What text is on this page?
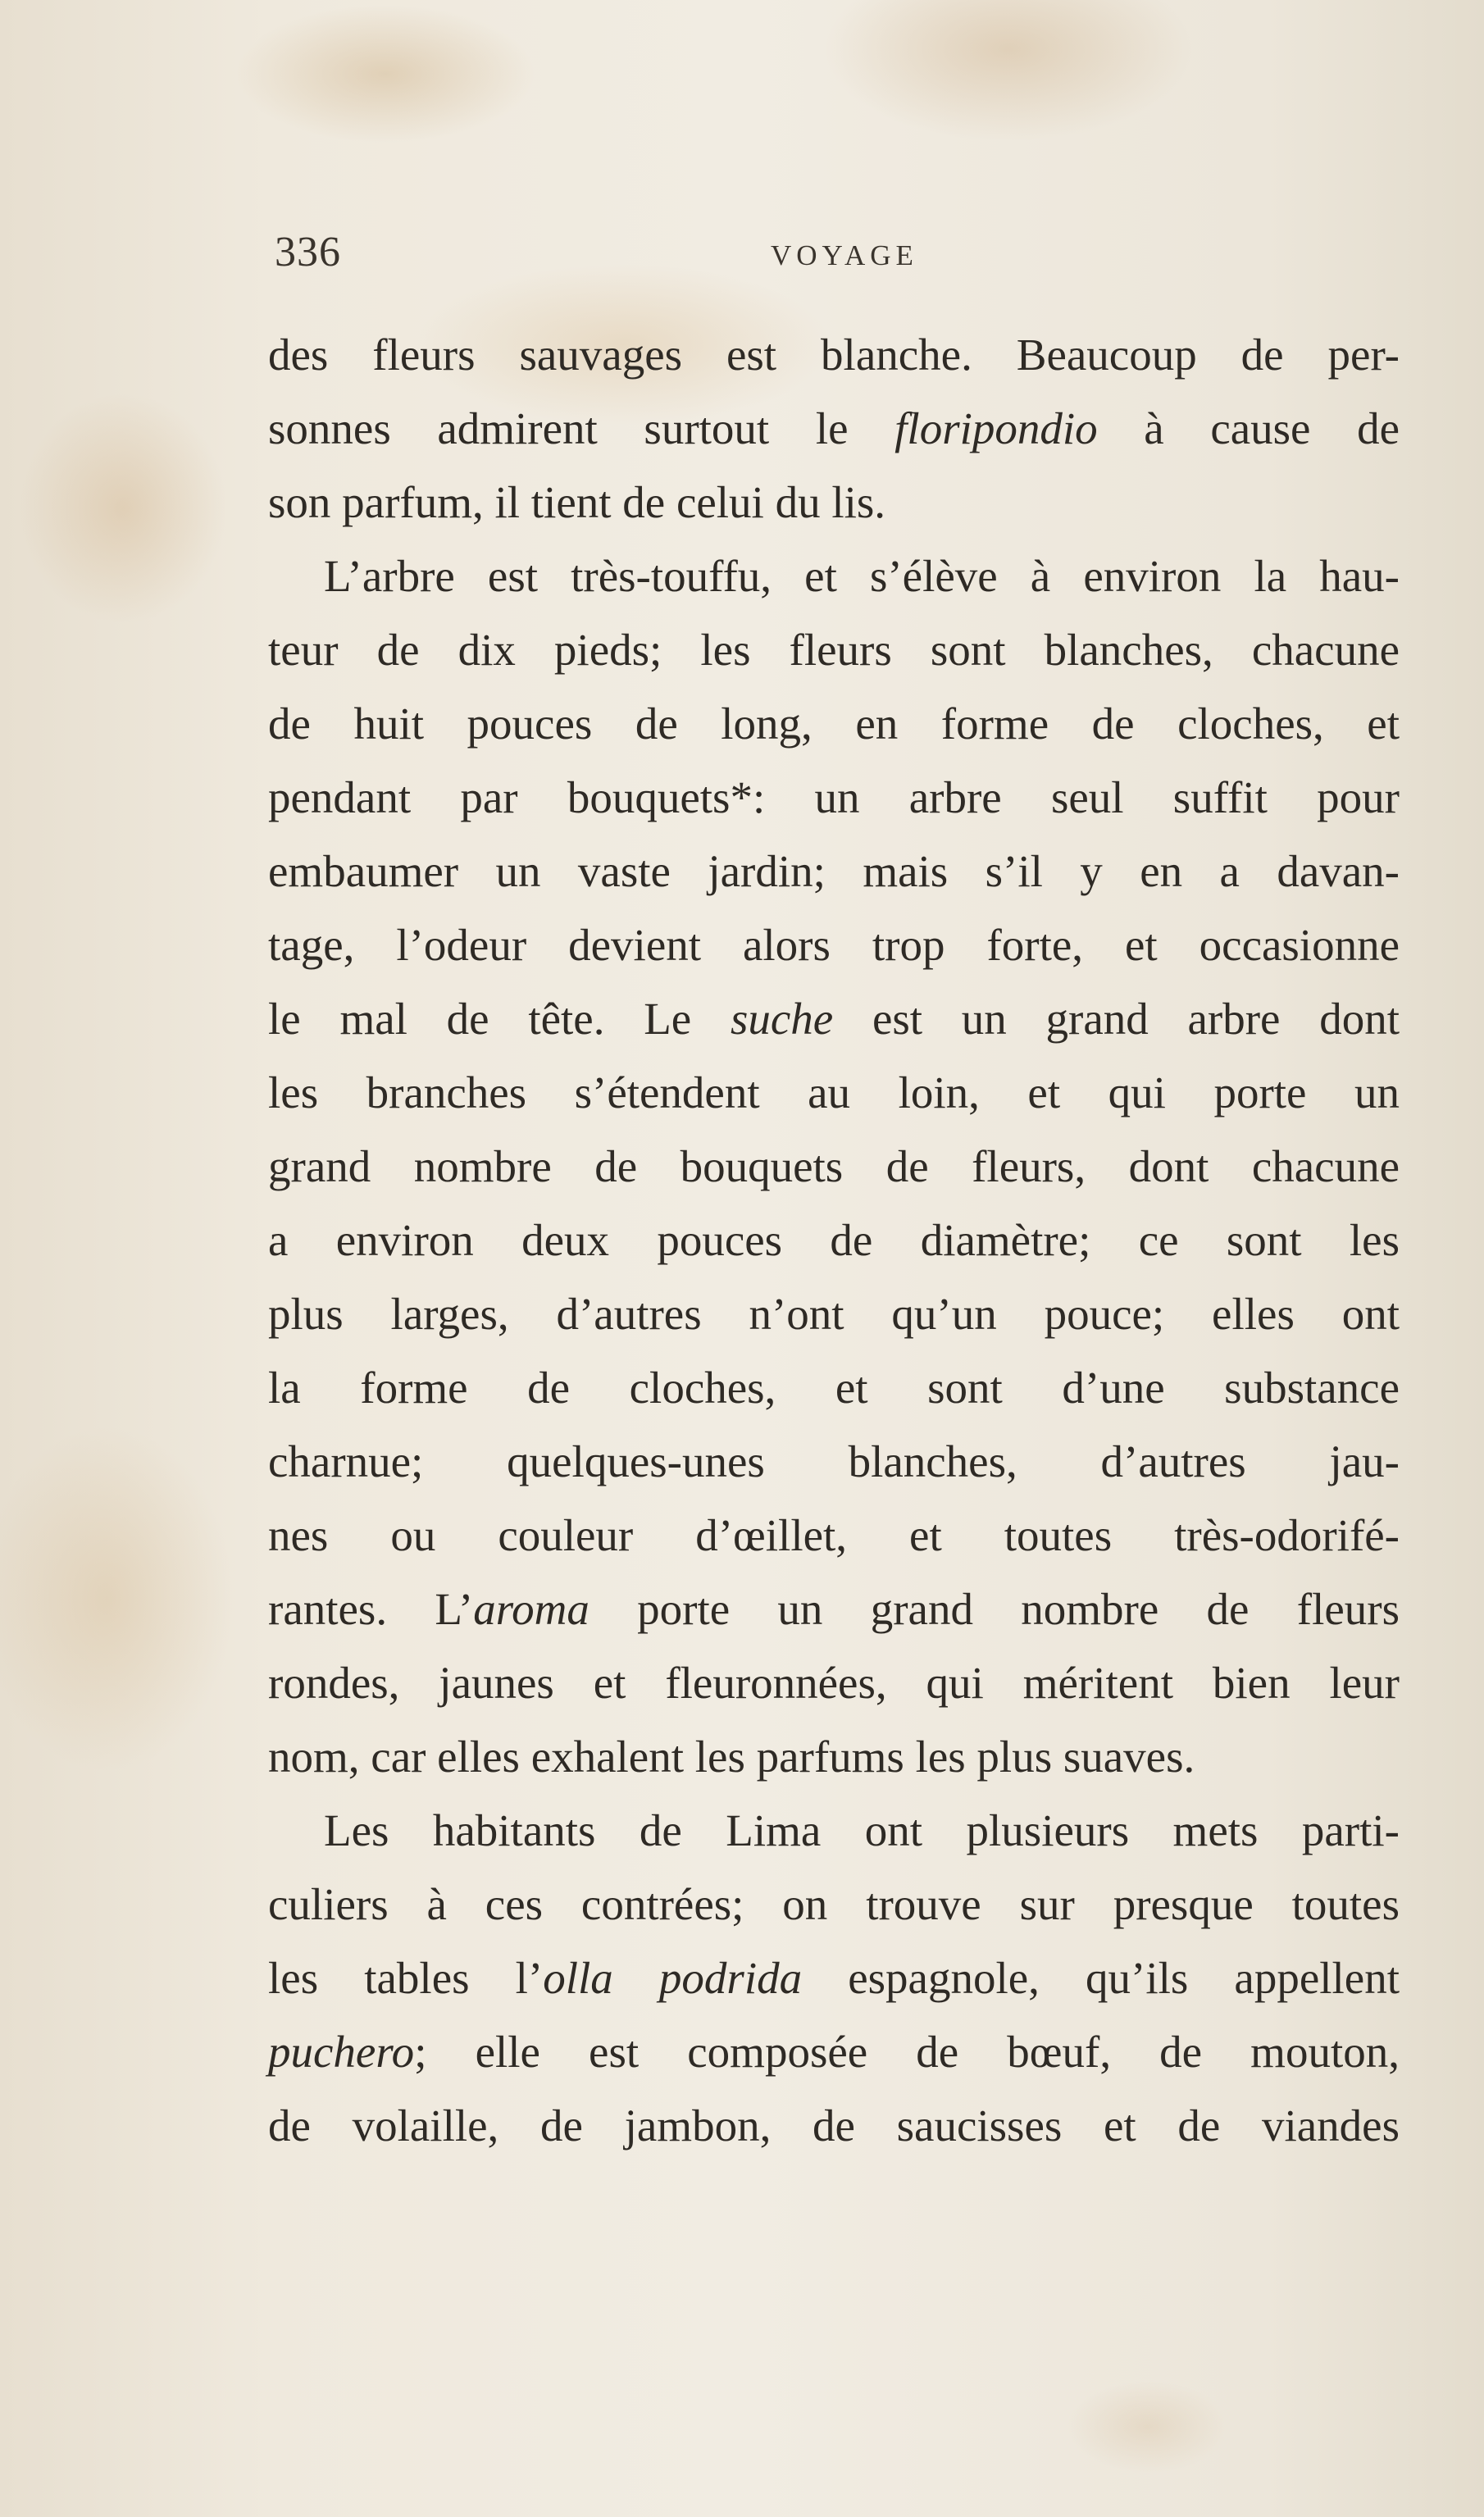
336	VOYAGE
des fleurs sauvages est blanche. Beaucoup de per-
sonnes admirent surtout le floripondio à cause de
son parfum, il tient de celui du lis.
L’arbre est très-touffu, et s’élève à environ la hau-
teur de dix pieds; les fleurs sont blanches, chacune
de huit pouces de long, en forme de cloches, et
pendant par bouquets*: un arbre seul suffit pour
embaumer un vaste jardin; mais s’il y en a davan-
tage, l’odeur devient alors trop forte, et occasionne
le mal de tête. Le suche est un grand arbre dont
les branches s’étendent au loin, et qui porte un
grand nombre de bouquets de fleurs, dont chacune
a environ deux pouces de diamètre; ce sont les
plus larges, d’autres n’ont qu’un pouce; elles ont
la forme de cloches, et sont d’une substance
charnue; quelques-unes blanches, d’autres jau-
nes ou couleur d’œillet, et toutes très-odorifé-
rantes. L’aroma porte un grand nombre de fleurs
rondes, jaunes et fleuronnées, qui méritent bien leur
nom, car elles exhalent les parfums les plus suaves.
Les habitants de Lima ont plusieurs mets parti-
culiers à ces contrées; on trouve sur presque toutes
les tables l’olla podrida espagnole, qu’ils appellent
puchero; elle est composée de bœuf, de mouton,
de volaille, de jambon, de saucisses et de viandes
